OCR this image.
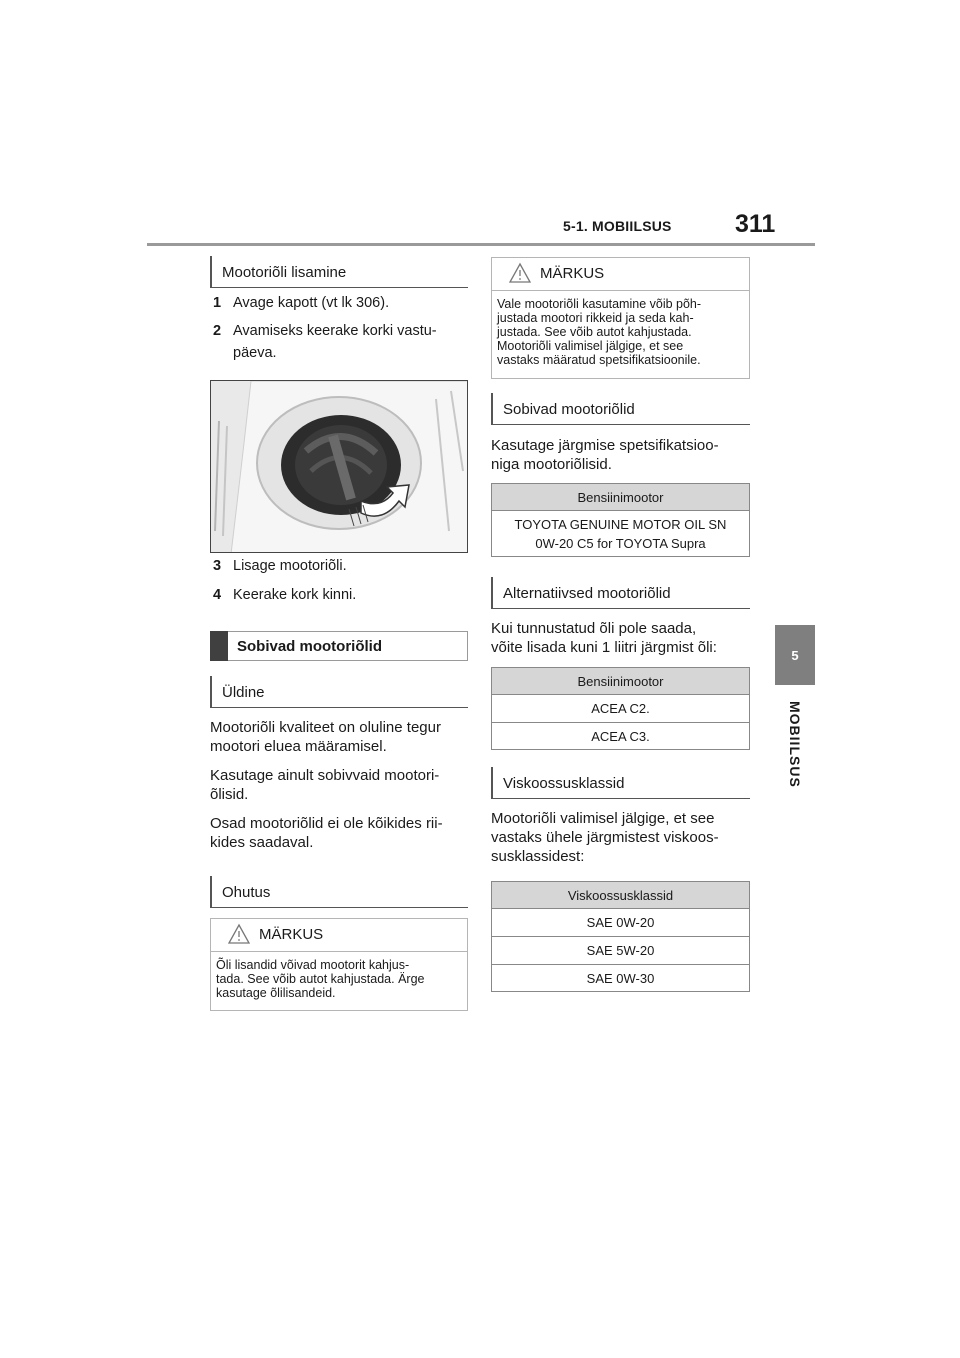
5-1. MOBIILSUS	311
5
MOBIILSUS
Mootoriõli lisamine
1 Avage kapott (vt lk 306).
2 Avamiseks keerake korki vastu-
päeva.
3 Lisage mootoriõli.
4 Keerake kork kinni.
Sobivad mootoriõlid
Üldine

Mootoriõli kvaliteet on oluline tegur

mootori eluea määramisel.

Kasutage ainult sobivvaid mootori-

õlisid.

Osad mootoriõlid ei ole kõikides rii-

kides saadaval.

Ohutus
MÄRKUS
Õli lisandid võivad mootorit kahjus-
tada. See võib autot kahjustada. Ärge
kasutage õlilisandeid.
MÄRKUS
Vale mootoriõli kasutamine võib põh-
justada mootori rikkeid ja seda kah-
justada. See võib autot kahjustada.
Mootoriõli valimisel jälgige, et see
vastaks määratud spetsifikatsioonile.
Sobivad mootoriõlid

Kasutage järgmise spetsifikatsioo-

niga mootoriõlisid.

Bensiinimootor
TOYOTA GENUINE MOTOR OIL SN
0W-20 C5 for TOYOTA Supra
Alternatiivsed mootoriõlid

Kui tunnustatud õli pole saada,

võite lisada kuni 1 liitri järgmist õli:

Bensiinimootor
ACEA C2.
ACEA C3.
Viskoossusklassid

Mootoriõli valimisel jälgige, et see

vastaks ühele järgmistest viskoos-

susklassidest:

Viskoossusklassid
SAE 0W-20
SAE 5W-20
SAE 0W-30
